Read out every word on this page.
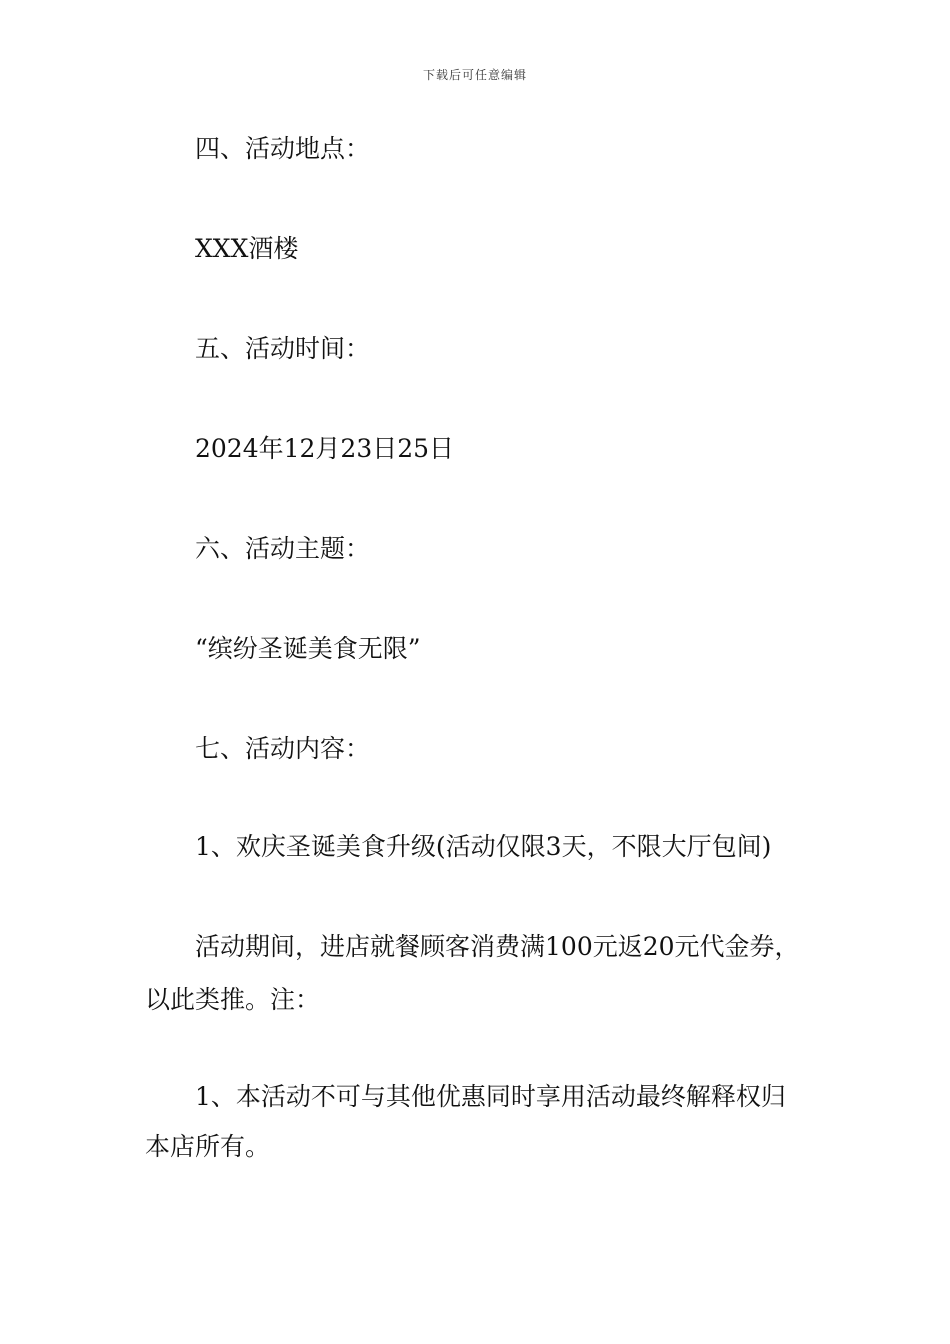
下载后可任意编辑
四、活动地点：
XXX酒楼
五、活动时间：
2024年12月23日25日
六、活动主题：
“缤纷圣诞美食无限”
七、活动内容：
1、欢庆圣诞美食升级(活动仅限3天，不限大厅包间)
活动期间，进店就餐顾客消费满100元返20元代金券，
以此类推。注：
1、本活动不可与其他优惠同时享用活动最终解释权归
本店所有。
